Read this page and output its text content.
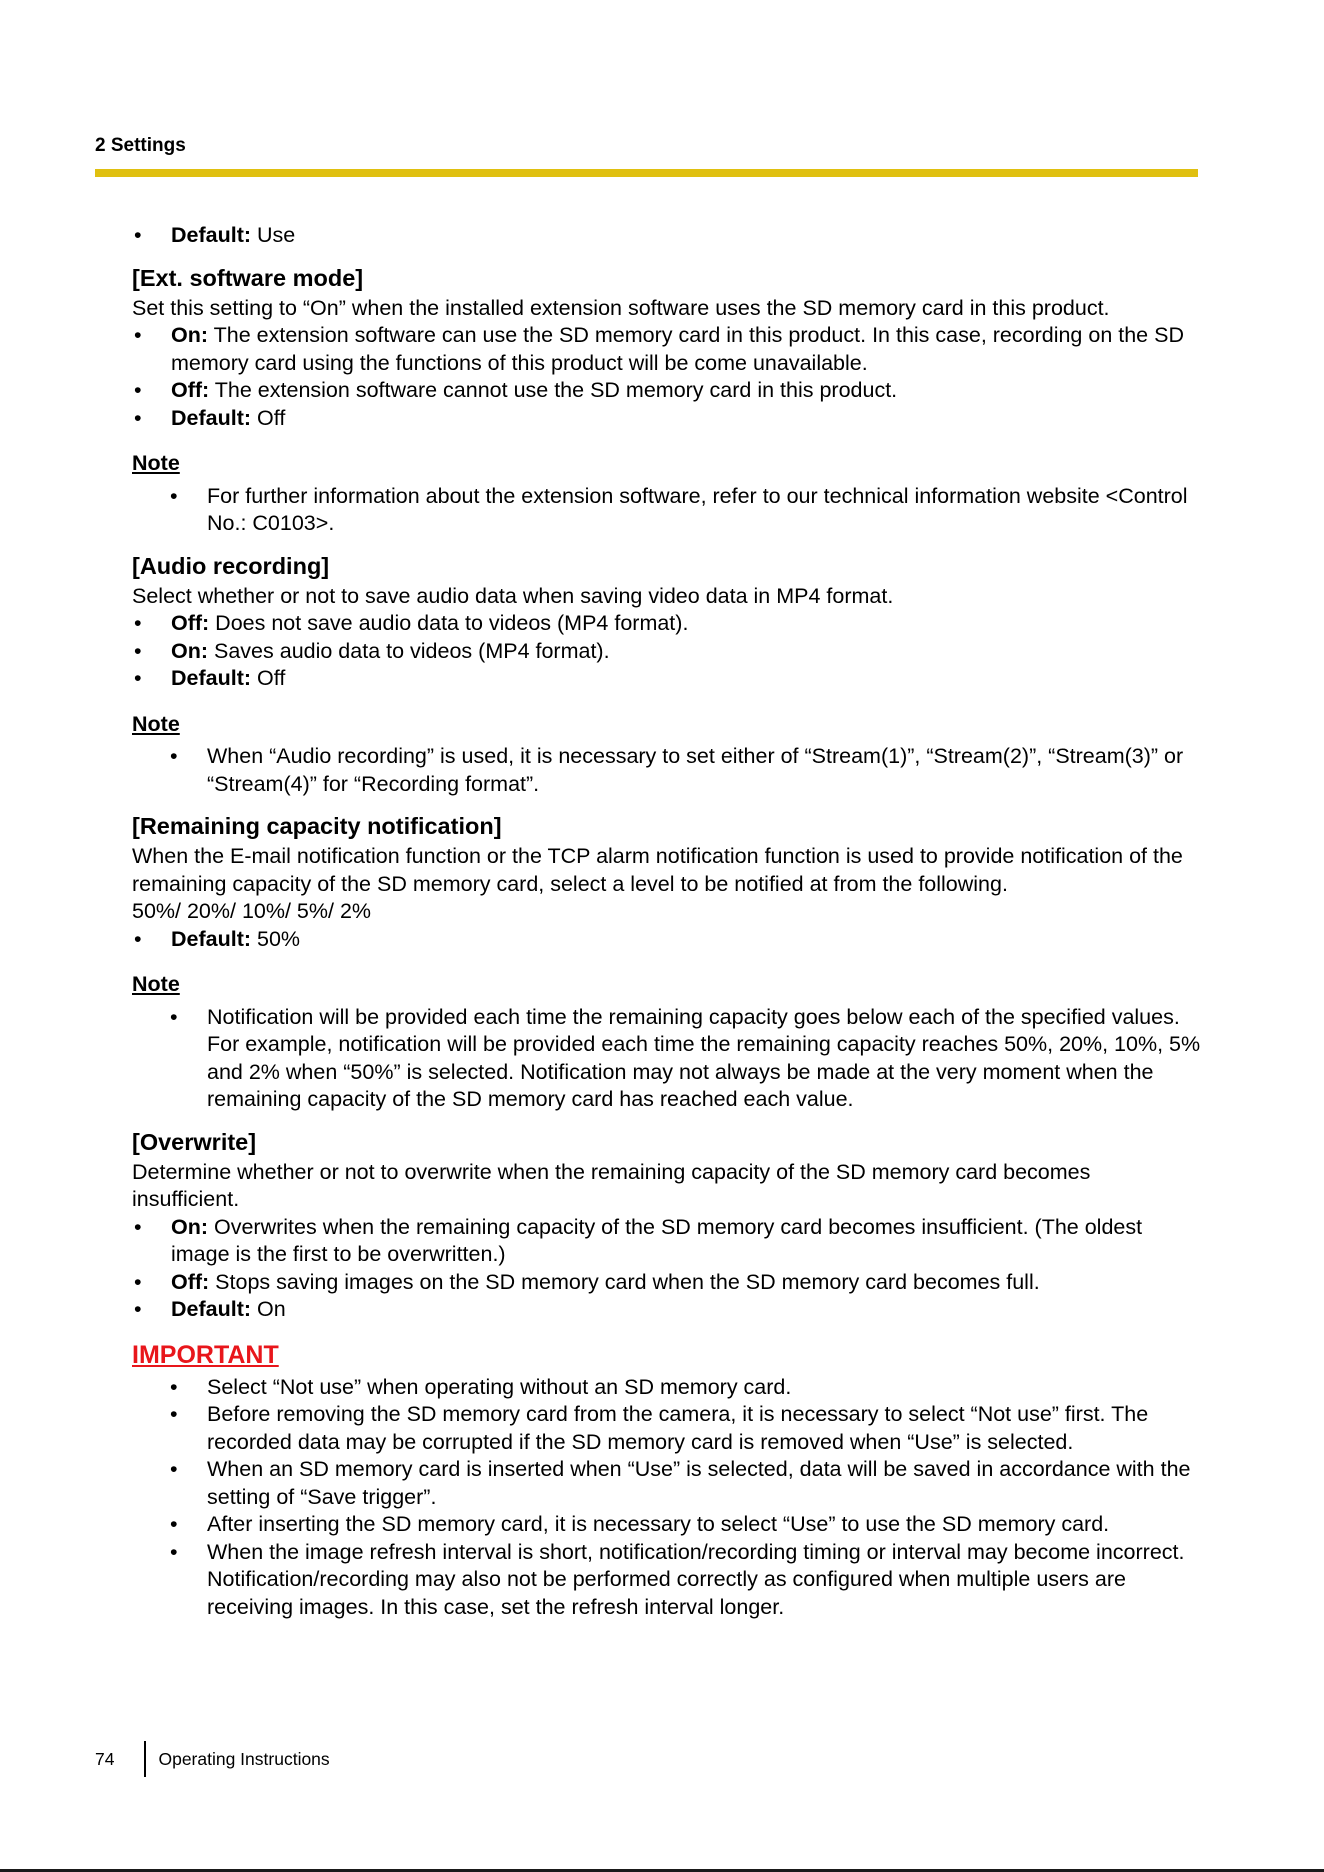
2 Settings
• Default: Use
[Ext. software mode]

Set this setting to “On” when the installed extension software uses the SD memory card in this product.

• On: The extension software can use the SD memory card in this product. In this case, recording on the SD memory card using the functions of this product will be come unavailable.
• Off: The extension software cannot use the SD memory card in this product.
• Default: Off
Note
• For further information about the extension software, refer to our technical information website <Control No.: C0103>.
[Audio recording]

Select whether or not to save audio data when saving video data in MP4 format.

• Off: Does not save audio data to videos (MP4 format).
• On: Saves audio data to videos (MP4 format).
• Default: Off
Note
• When “Audio recording” is used, it is necessary to set either of “Stream(1)”, “Stream(2)”, “Stream(3)” or “Stream(4)” for “Recording format”.
[Remaining capacity notification]

When the E-mail notification function or the TCP alarm notification function is used to provide notification of the remaining capacity of the SD memory card, select a level to be notified at from the following.

50%/ 20%/ 10%/ 5%/ 2%

• Default: 50%
Note
• Notification will be provided each time the remaining capacity goes below each of the specified values. For example, notification will be provided each time the remaining capacity reaches 50%, 20%, 10%, 5% and 2% when “50%” is selected. Notification may not always be made at the very moment when the remaining capacity of the SD memory card has reached each value.
[Overwrite]

Determine whether or not to overwrite when the remaining capacity of the SD memory card becomes insufficient.

• On: Overwrites when the remaining capacity of the SD memory card becomes insufficient. (The oldest image is the first to be overwritten.)
• Off: Stops saving images on the SD memory card when the SD memory card becomes full.
• Default: On
IMPORTANT
• Select “Not use” when operating without an SD memory card.
• Before removing the SD memory card from the camera, it is necessary to select “Not use” first. The recorded data may be corrupted if the SD memory card is removed when “Use” is selected.
• When an SD memory card is inserted when “Use” is selected, data will be saved in accordance with the setting of “Save trigger”.
• After inserting the SD memory card, it is necessary to select “Use” to use the SD memory card.
• When the image refresh interval is short, notification/recording timing or interval may become incorrect. Notification/recording may also not be performed correctly as configured when multiple users are receiving images. In this case, set the refresh interval longer.
74	Operating Instructions
